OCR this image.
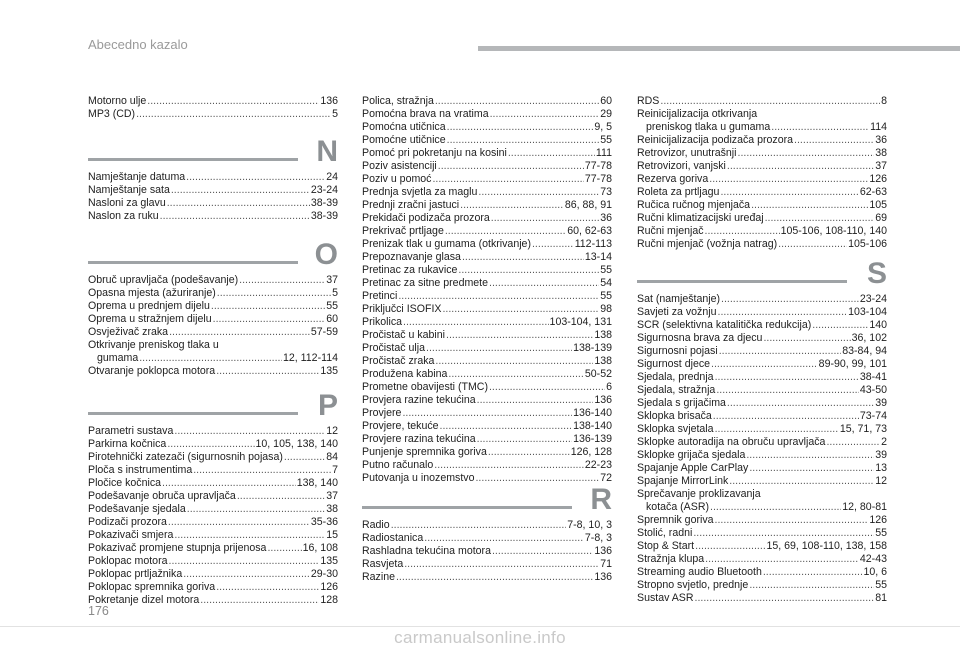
Abecedno kazalo
Motorno ulje .....	136
MP3 (CD) .....	5
N
Namještanje datuma .....	24
Namještanje sata .....	23-24
Nasloni za glavu .....	38-39
Naslon za ruku .....	38-39
O
Obruč upravljača (podešavanje) .....	37
Opasna mjesta (ažuriranje) .....	5
Oprema u prednjem dijelu .....	55
Oprema u stražnjem dijelu .....	60
Osvježivač zraka .....	57-59
Otkrivanje preniskog tlaka u
gumama .....	12, 112-114
Otvaranje poklopca motora .....	135
P
Parametri sustava .....	12
Parkirna kočnica .....	10, 105, 138, 140
Pirotehnički zatezači (sigurnosnih pojasa) .....	84
Ploča s instrumentima .....	7
Pločice kočnica .....	138, 140
Podešavanje obruča upravljača .....	37
Podešavanje sjedala .....	38
Podizači prozora .....	35-36
Pokazivači smjera .....	15
Pokazivač promjene stupnja prijenosa .....	16, 108
Poklopac motora .....	135
Poklopac prtljažnika .....	29-30
Poklopac spremnika goriva .....	126
Pokretanje dizel motora .....	128
Polica, stražnja .....	60
Pomoćna brava na vratima .....	29
Pomoćna utičnica .....	9, 5
Pomoćne utičnice .....	55
Pomoć pri pokretanju na kosini .....	111
Poziv asistenciji .....	77-78
Poziv u pomoć .....	77-78
Prednja svjetla za maglu .....	73
Prednji zračni jastuci .....	86, 88, 91
Prekidači podizača prozora .....	36
Prekrivač prtljage .....	60, 62-63
Prenizak tlak u gumama (otkrivanje) .....	112-113
Prepoznavanje glasa .....	13-14
Pretinac za rukavice .....	55
Pretinac za sitne predmete .....	54
Pretinci .....	55
Priključci ISOFIX .....	98
Prikolica .....	103-104, 131
Pročistač u kabini .....	138
Pročistač ulja .....	138-139
Pročistač zraka .....	138
Produžena kabina .....	50-52
Prometne obavijesti (TMC) .....	6
Provjera razine tekućina .....	136
Provjere .....	136-140
Provjere, tekuće .....	138-140
Provjere razina tekućina .....	136-139
Punjenje spremnika goriva .....	126, 128
Putno računalo .....	22-23
Putovanja u inozemstvo .....	72
R
Radio .....	7-8, 10, 3
Radiostanica .....	7-8, 3
Rashladna tekućina motora .....	136
Rasvjeta .....	71
Razine .....	136
RDS .....	8
Reinicijalizacija otkrivanja
preniskog tlaka u gumama .....	114
Reinicijalizacija podizača prozora .....	36
Retrovizor, unutrašnji .....	38
Retrovizori, vanjski .....	37
Rezerva goriva .....	126
Roleta za prtljagu .....	62-63
Ručica ručnog mjenjača .....	105
Ručni klimatizacijski uređaj .....	69
Ručni mjenjač .....	105-106, 108-110, 140
Ručni mjenjač (vožnja natrag) .....	105-106
S
Sat (namještanje) .....	23-24
Savjeti za vožnju .....	103-104
SCR (selektivna katalitička redukcija) .....	140
Sigurnosna brava za djecu .....	36, 102
Sigurnosni pojasi .....	83-84, 94
Sigurnost djece .....	89-90, 99, 101
Sjedala, prednja .....	38-41
Sjedala, stražnja .....	43-50
Sjedala s grijačima .....	39
Sklopka brisača .....	73-74
Sklopka svjetala .....	15, 71, 73
Sklopke autoradija na obruču upravljača .....	2
Sklopke grijača sjedala .....	39
Spajanje Apple CarPlay .....	13
Spajanje MirrorLink .....	12
Sprečavanje proklizavanja
kotača (ASR) .....	12, 80-81
Spremnik goriva .....	126
Stolić, radni .....	55
Stop & Start .....	15, 69, 108-110, 138, 158
Stražnja klupa .....	42-43
Streaming audio Bluetooth .....	10, 6
Stropno svjetlo, prednje .....	55
Sustav ASR .....	81
176
carmanualsonline.info
